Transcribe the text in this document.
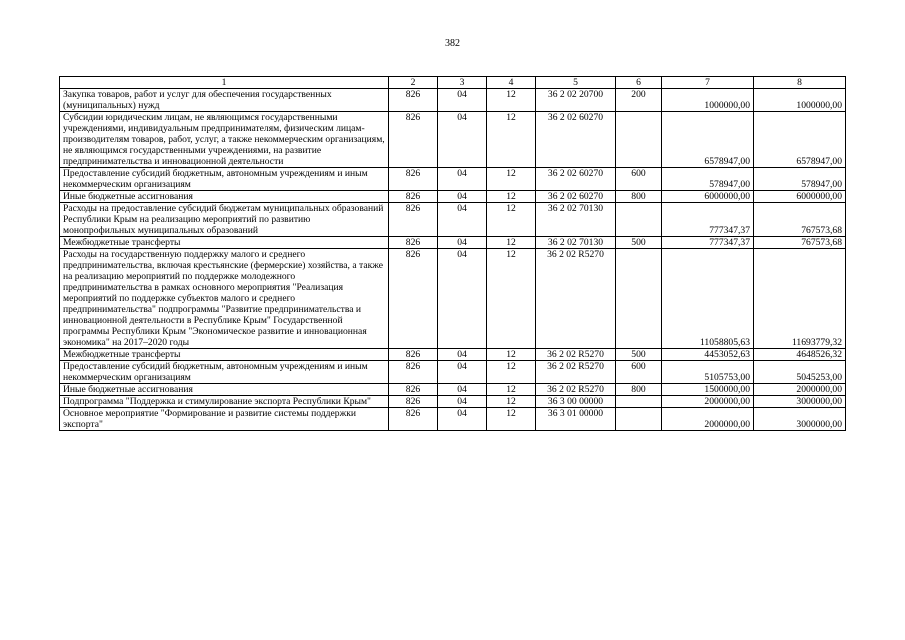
382
1	2	3	4	5	6	7	8
Закупка товаров, работ и услуг для обеспечения государственных (муниципальных) нужд	826	04	12	36 2 02 20700	200	1000000,00	1000000,00
Субсидии юридическим лицам, не являющимся государственными учреждениями, индивидуальным предпринимателям, физическим лицам-производителям товаров, работ, услуг, а также некоммерческим организациям, не являющимся государственными учреждениями, на развитие предпринимательства и инновационной деятельности	826	04	12	36 2 02 60270		6578947,00	6578947,00
Предоставление субсидий бюджетным, автономным учреждениям и иным некоммерческим организациям	826	04	12	36 2 02 60270	600	578947,00	578947,00
Иные бюджетные ассигнования	826	04	12	36 2 02 60270	800	6000000,00	6000000,00
Расходы на предоставление субсидий бюджетам муниципальных образований Республики Крым на реализацию мероприятий по развитию монопрофильных муниципальных образований	826	04	12	36 2 02 70130		777347,37	767573,68
Межбюджетные трансферты	826	04	12	36 2 02 70130	500	777347,37	767573,68
Расходы на государственную поддержку малого и среднего предпринимательства, включая крестьянские (фермерские) хозяйства, а также на реализацию мероприятий по поддержке молодежного предпринимательства в рамках основного мероприятия "Реализация мероприятий по поддержке субъектов малого и среднего предпринимательства" подпрограммы "Развитие предпринимательства и инновационной деятельности в Республике Крым" Государственной программы Республики Крым "Экономическое развитие и инновационная экономика" на 2017–2020 годы	826	04	12	36 2 02 R5270		11058805,63	11693779,32
Межбюджетные трансферты	826	04	12	36 2 02 R5270	500	4453052,63	4648526,32
Предоставление субсидий бюджетным, автономным учреждениям и иным некоммерческим организациям	826	04	12	36 2 02 R5270	600	5105753,00	5045253,00
Иные бюджетные ассигнования	826	04	12	36 2 02 R5270	800	1500000,00	2000000,00
Подпрограмма "Поддержка и стимулирование экспорта Республики Крым"	826	04	12	36 3 00 00000		2000000,00	3000000,00
Основное мероприятие "Формирование и развитие системы поддержки экспорта"	826	04	12	36 3 01 00000		2000000,00	3000000,00
